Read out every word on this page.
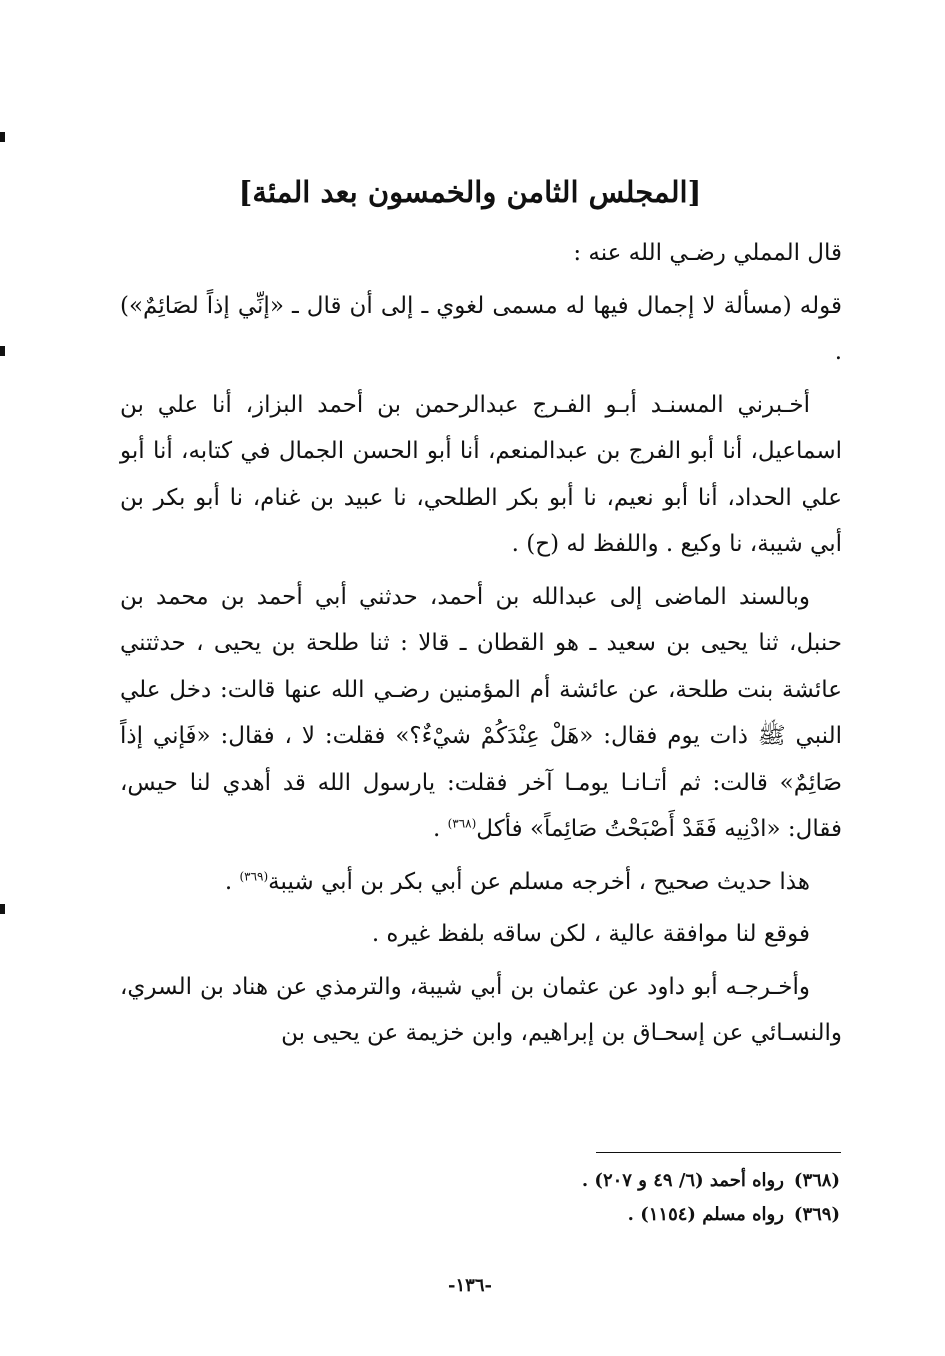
[المجلس الثامن والخمسون بعد المئة]

قال المملي رضـي الله عنه :

قوله (مسألة لا إجمال فيها له مسمى لغوي ـ إلى أن قال ـ «إنِّي إذاً لصَائِمٌ») .

أخـبرني المسنـد أبـو الفـرج عبدالرحمن بن أحمد البزاز، أنا علي بن اسماعيل، أنا أبو الفرج بن عبدالمنعم، أنا أبو الحسن الجمال في كتابه، أنا أبو علي الحداد، أنا أبو نعيم، نا أبو بكر الطلحي، نا عبيد بن غنام، نا أبو بكر بن أبي شيبة، نا وكيع . واللفظ له (ح) .

وبالسند الماضى إلى عبدالله بن أحمد، حدثني أبي أحمد بن محمد بن حنبل، ثنا يحيى بن سعيد ـ هو القطان ـ قالا : ثنا طلحة بن يحيى ، حدثتني عائشة بنت طلحة، عن عائشة أم المؤمنين رضـي الله عنها قالت: دخل علي النبي ﷺ ذات يوم فقال: «هَلْ عِنْدَكُمْ شيْءٌ؟» فقلت: لا ، فقال: «فَإني إذاً صَائِمٌ» قالت: ثم أتـانـا يومـا آخر فقلت: يارسول الله قد أهدي لنا حيس، فقال: «ادْنِيه فَقَدْ أَصْبَحْتُ صَائِماً» فأكل$^{(٣٦٨)}$ .

هذا حديث صحيح ، أخرجه مسلم عن أبي بكر بن أبي شيبة$^{(٣٦٩)}$ .

فوقع لنا موافقة عالية ، لكن ساقه بلفظ غيره .

وأخـرجـه أبو داود عن عثمان بن أبي شيبة، والترمذي عن هناد بن السري، والنسـائي عن إسحـاق بن إبراهيم، وابن خزيمة عن يحيى بن

(٣٦٨)رواه أحمد (٦/ ٤٩ و ٢٠٧) .
(٣٦٩)رواه مسلم (١١٥٤) .
-١٣٦-
